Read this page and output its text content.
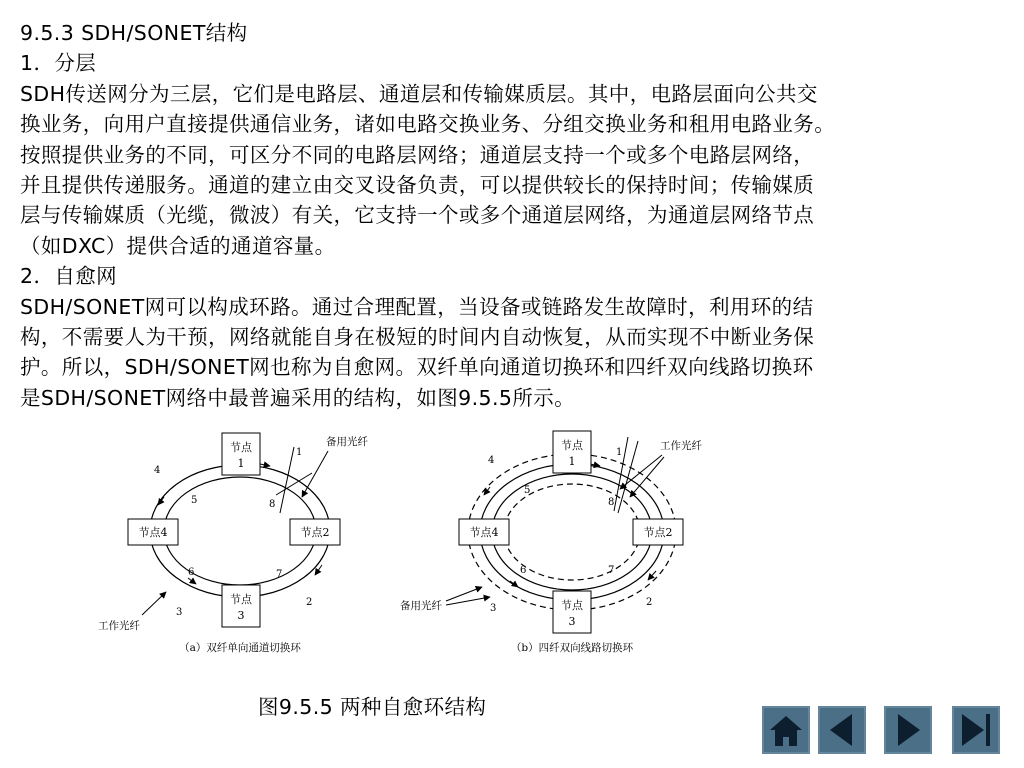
9.5.3 SDH/SONET结构
1．分层
SDH传送网分为三层，它们是电路层、通道层和传输媒质层。其中，电路层面向公共交
换业务，向用户直接提供通信业务，诸如电路交换业务、分组交换业务和租用电路业务。
按照提供业务的不同，可区分不同的电路层网络；通道层支持一个或多个电路层网络，
并且提供传递服务。通道的建立由交叉设备负责，可以提供较长的保持时间；传输媒质
层与传输媒质（光缆，微波）有关，它支持一个或多个通道层网络，为通道层网络节点
（如DXC）提供合适的通道容量。
2．自愈网
SDH/SONET网可以构成环路。通过合理配置，当设备或链路发生故障时，利用环的结
构，不需要人为干预，网络就能自身在极短的时间内自动恢复，从而实现不中断业务保
护。所以，SDH/SONET网也称为自愈网。双纤单向通道切换环和四纤双向线路切换环
是SDH/SONET网络中最普遍采用的结构，如图9.5.5所示。
节点
1
节点2
节点
3
节点4
1
2
3
4
5
6	7
8
备用光纤
工作光纤
（a）双纤单向通道切换环
节点
1
节点2
节点
3
节点4
1
2
3
4
5
6	7
8
工作光纤
备用光纤
（b）四纤双向线路切换环
图9.5.5 两种自愈环结构
